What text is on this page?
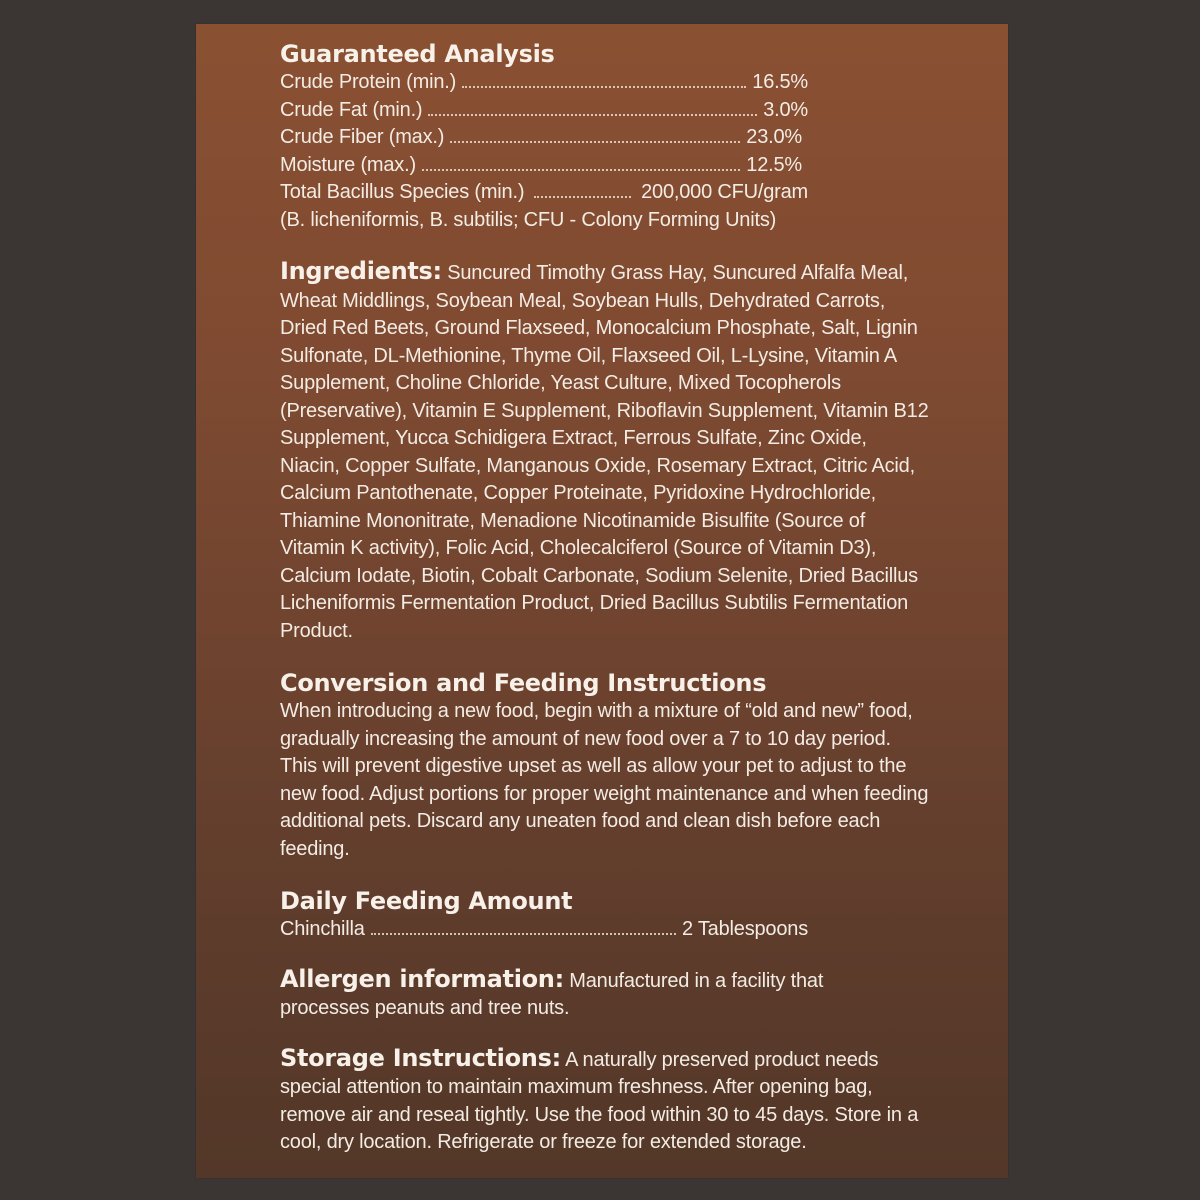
Guaranteed Analysis
Crude Protein (min.)	16.5%
Crude Fat (min.)	3.0%
Crude Fiber (max.)	23.0%
Moisture (max.)	12.5%
Total Bacillus Species (min.)	200,000 CFU/gram
(B. licheniformis, B. subtilis; CFU - Colony Forming Units)
Ingredients: Suncured Timothy Grass Hay, Suncured Alfalfa Meal, Wheat Middlings, Soybean Meal, Soybean Hulls, Dehydrated Carrots, Dried Red Beets, Ground Flaxseed, Monocalcium Phosphate, Salt, Lignin Sulfonate, DL-Methionine, Thyme Oil, Flaxseed Oil, L-Lysine, Vitamin A Supplement, Choline Chloride, Yeast Culture, Mixed Tocopherols (Preservative), Vitamin E Supplement, Riboflavin Supplement, Vitamin B12 Supplement, Yucca Schidigera Extract, Ferrous Sulfate, Zinc Oxide, Niacin, Copper Sulfate, Manganous Oxide, Rosemary Extract, Citric Acid, Calcium Pantothenate, Copper Proteinate, Pyridoxine Hydrochloride, Thiamine Mononitrate, Menadione Nicotinamide Bisulfite (Source of Vitamin K activity), Folic Acid, Cholecalciferol (Source of Vitamin D3), Calcium Iodate, Biotin, Cobalt Carbonate, Sodium Selenite, Dried Bacillus Licheniformis Fermentation Product, Dried Bacillus Subtilis Fermentation Product.
Conversion and Feeding Instructions
When introducing a new food, begin with a mixture of “old and new” food, gradually increasing the amount of new food over a 7 to 10 day period. This will prevent digestive upset as well as allow your pet to adjust to the new food. Adjust portions for proper weight maintenance and when feeding additional pets. Discard any uneaten food and clean dish before each feeding.
Daily Feeding Amount
Chinchilla	2 Tablespoons
Allergen information: Manufactured in a facility that processes peanuts and tree nuts.
Storage Instructions: A naturally preserved product needs special attention to maintain maximum freshness. After opening bag, remove air and reseal tightly. Use the food within 30 to 45 days. Store in a cool, dry location. Refrigerate or freeze for extended storage.
